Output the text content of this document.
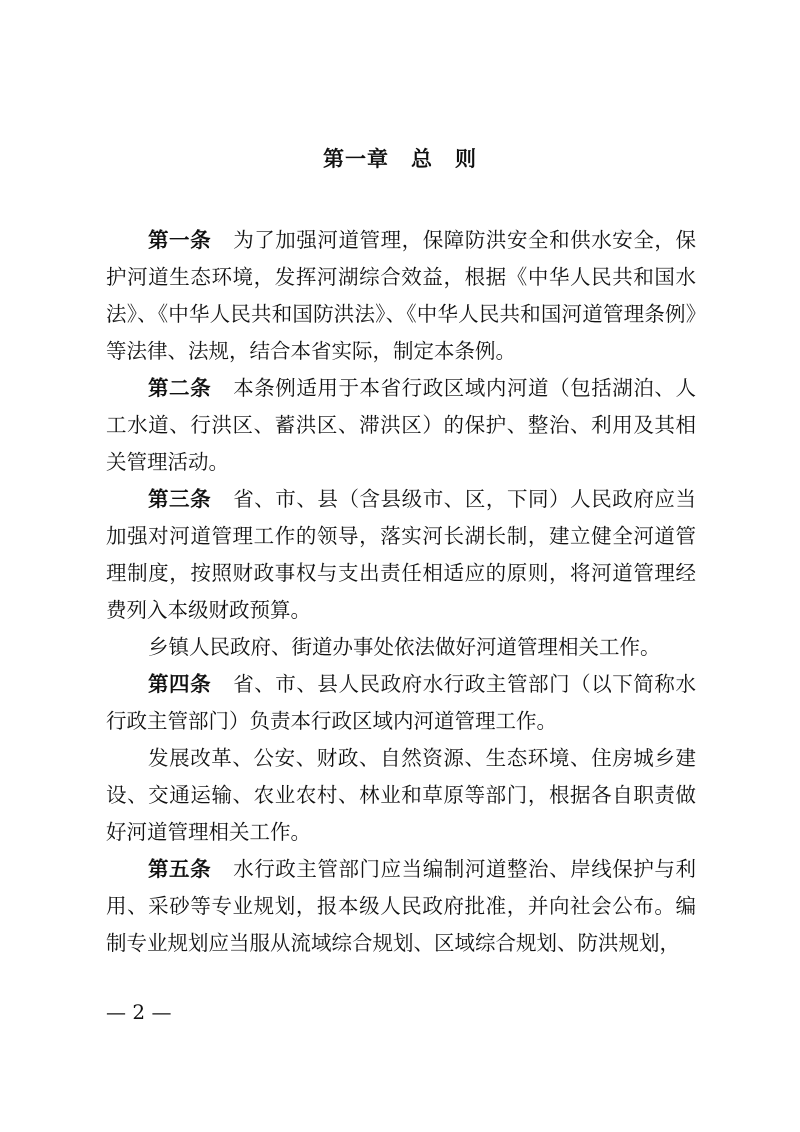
第一章　总　则

第一条 为了加强河道管理，保障防洪安全和供水安全，保护河道生态环境，发挥河湖综合效益，根据《中华人民共和国水法》、《中华人民共和国防洪法》、《中华人民共和国河道管理条例》等法律、法规，结合本省实际，制定本条例。

第二条 本条例适用于本省行政区域内河道（包括湖泊、人工水道、行洪区、蓄洪区、滞洪区）的保护、整治、利用及其相关管理活动。

第三条 省、市、县（含县级市、区，下同）人民政府应当加强对河道管理工作的领导，落实河长湖长制，建立健全河道管理制度，按照财政事权与支出责任相适应的原则，将河道管理经费列入本级财政预算。

乡镇人民政府、街道办事处依法做好河道管理相关工作。

第四条 省、市、县人民政府水行政主管部门（以下简称水行政主管部门）负责本行政区域内河道管理工作。

发展改革、公安、财政、自然资源、生态环境、住房城乡建设、交通运输、农业农村、林业和草原等部门，根据各自职责做好河道管理相关工作。

第五条 水行政主管部门应当编制河道整治、岸线保护与利用、采砂等专业规划，报本级人民政府批准，并向社会公布。编制专业规划应当服从流域综合规划、区域综合规划、防洪规划，

— 2 —
